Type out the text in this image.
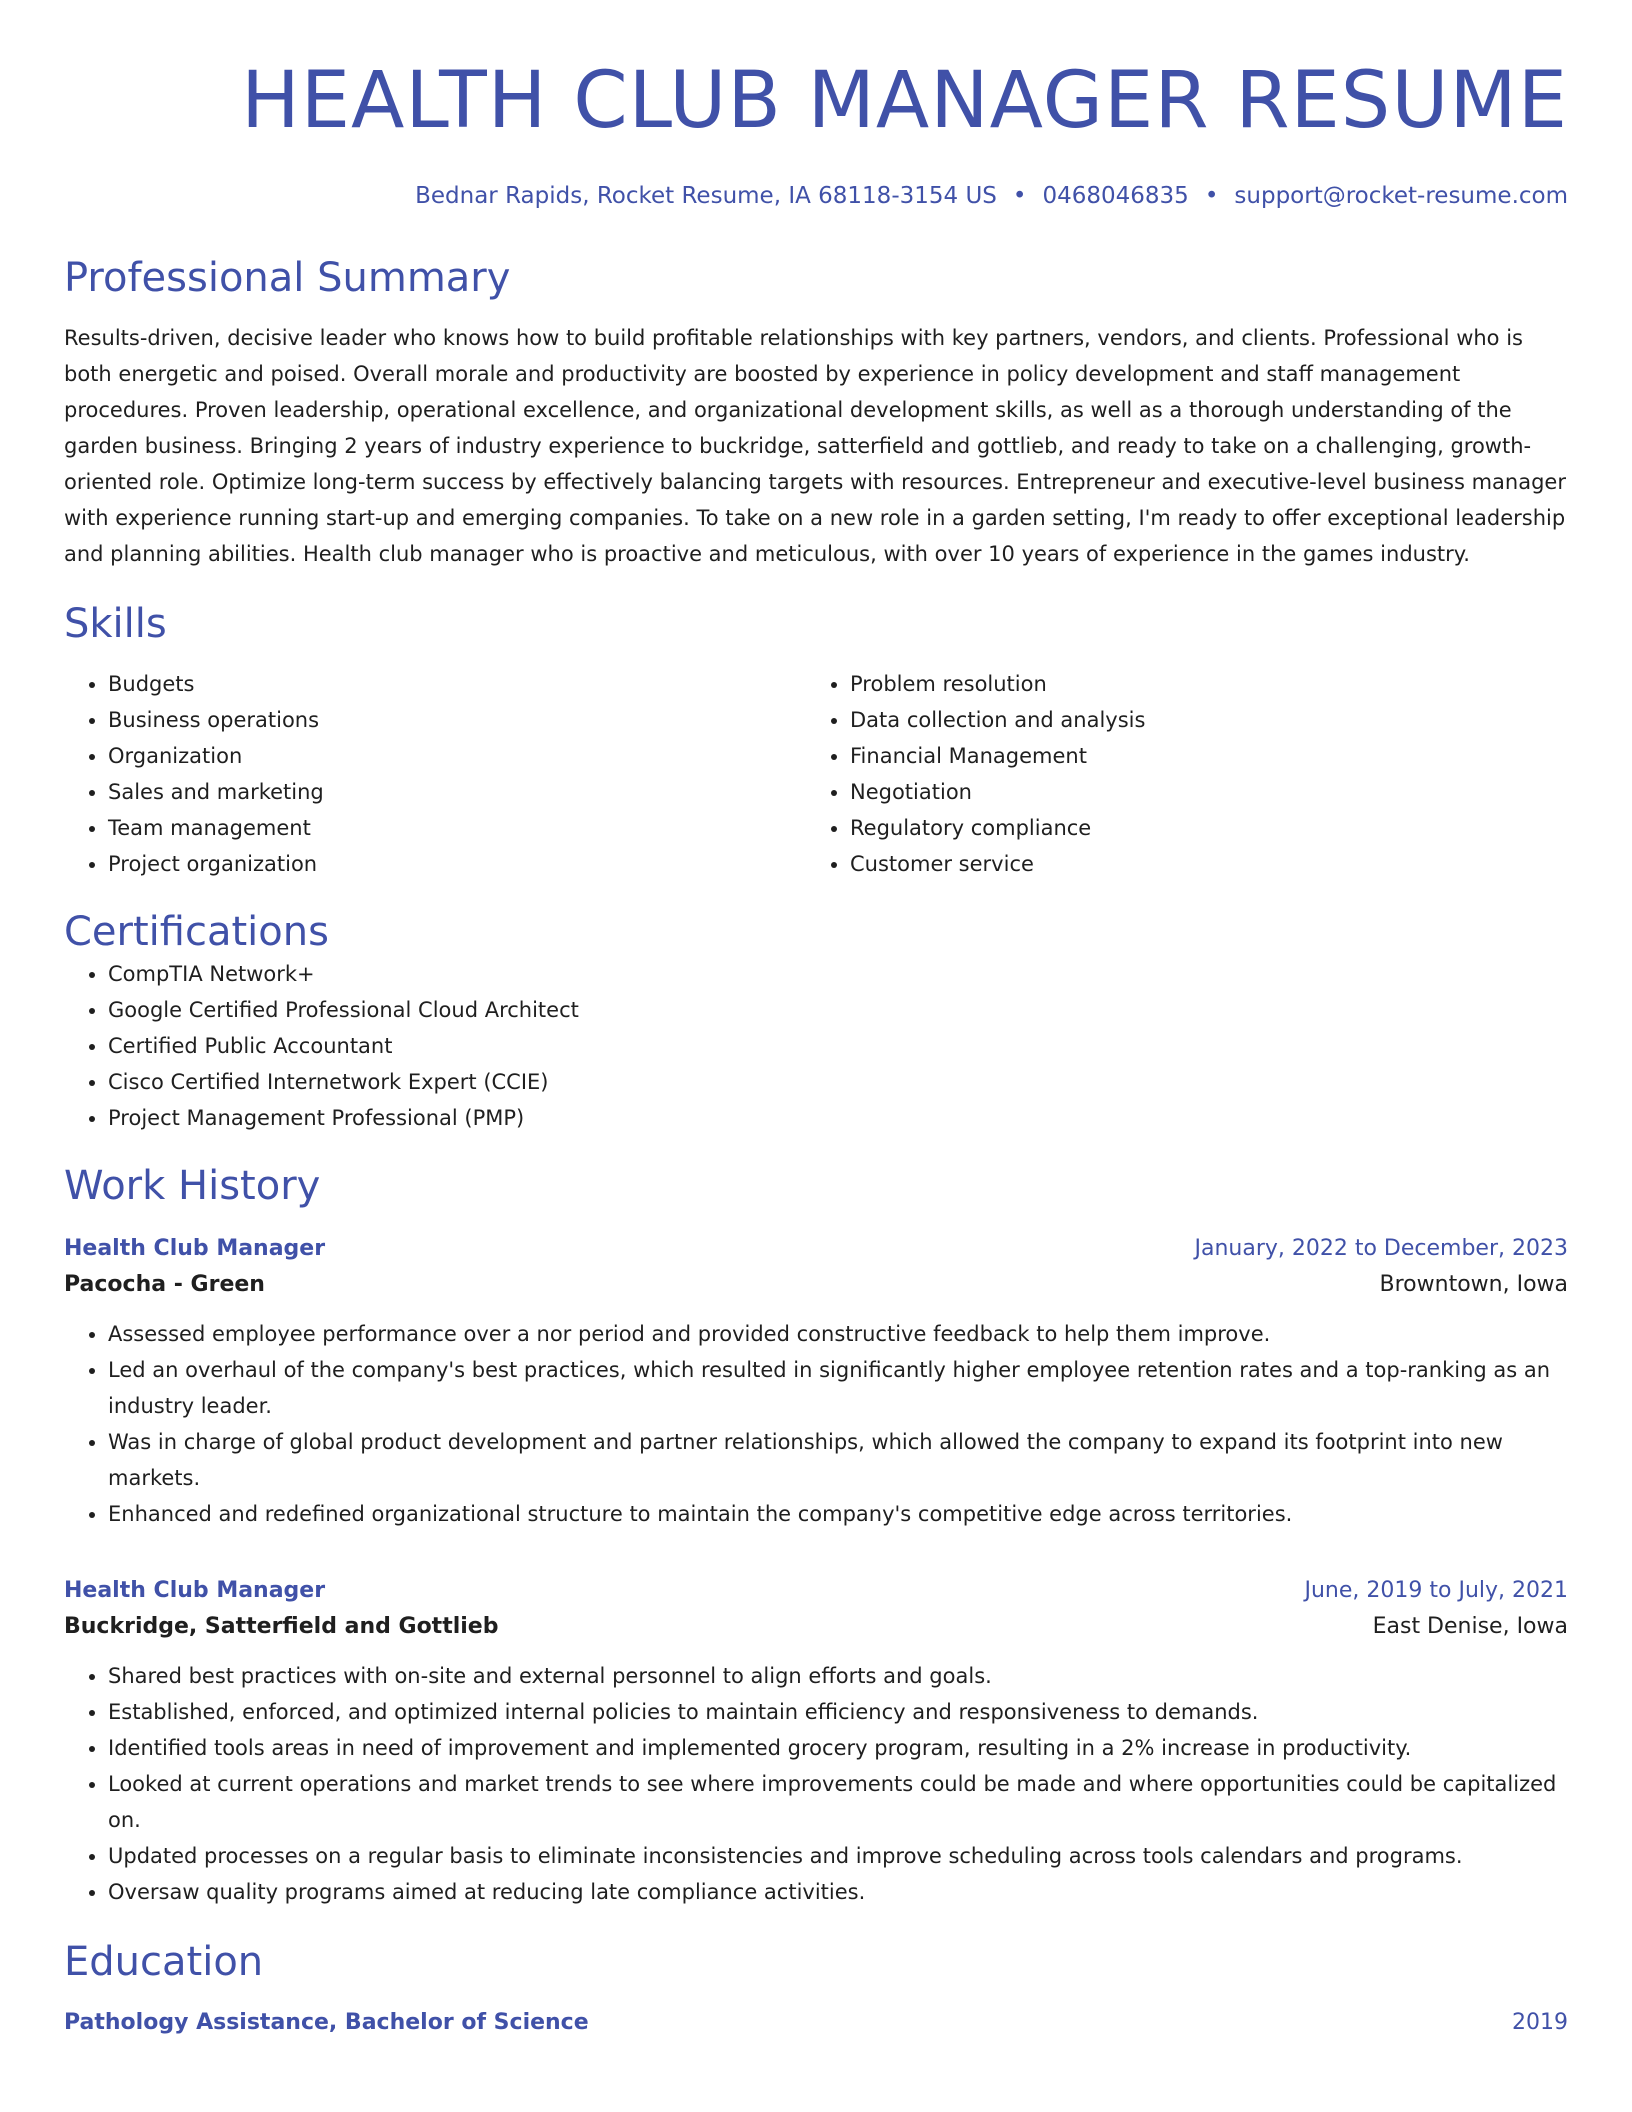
HEALTH CLUB MANAGER RESUME
Bednar Rapids, Rocket Resume, IA 68118-3154 US • 0468046835 • support@rocket-resume.com
Professional Summary

Results-driven, decisive leader who knows how to build profitable relationships with key partners, vendors, and clients. Professional who is both energetic and poised. Overall morale and productivity are boosted by experience in policy development and staff management procedures. Proven leadership, operational excellence, and organizational development skills, as well as a thorough understanding of the garden business. Bringing 2 years of industry experience to buckridge, satterfield and gottlieb, and ready to take on a challenging, growth-oriented role. Optimize long-term success by effectively balancing targets with resources. Entrepreneur and executive-level business manager with experience running start-up and emerging companies. To take on a new role in a garden setting, I'm ready to offer exceptional leadership and planning abilities. Health club manager who is proactive and meticulous, with over 10 years of experience in the games industry.

Skills
• Budgets
• Business operations
• Organization
• Sales and marketing
• Team management
• Project organization
• Problem resolution
• Data collection and analysis
• Financial Management
• Negotiation
• Regulatory compliance
• Customer service
Certifications
• CompTIA Network+
• Google Certified Professional Cloud Architect
• Certified Public Accountant
• Cisco Certified Internetwork Expert (CCIE)
• Project Management Professional (PMP)
Work History
Health Club Manager	January, 2022 to December, 2023
Pacocha - Green	Browntown, Iowa
• Assessed employee performance over a nor period and provided constructive feedback to help them improve.
• Led an overhaul of the company's best practices, which resulted in significantly higher employee retention rates and a top-ranking as an industry leader.
• Was in charge of global product development and partner relationships, which allowed the company to expand its footprint into new markets.
• Enhanced and redefined organizational structure to maintain the company's competitive edge across territories.
Health Club Manager	June, 2019 to July, 2021
Buckridge, Satterfield and Gottlieb	East Denise, Iowa
• Shared best practices with on-site and external personnel to align efforts and goals.
• Established, enforced, and optimized internal policies to maintain efficiency and responsiveness to demands.
• Identified tools areas in need of improvement and implemented grocery program, resulting in a 2% increase in productivity.
• Looked at current operations and market trends to see where improvements could be made and where opportunities could be capitalized on.
• Updated processes on a regular basis to eliminate inconsistencies and improve scheduling across tools calendars and programs.
• Oversaw quality programs aimed at reducing late compliance activities.
Education
Pathology Assistance, Bachelor of Science	2019
